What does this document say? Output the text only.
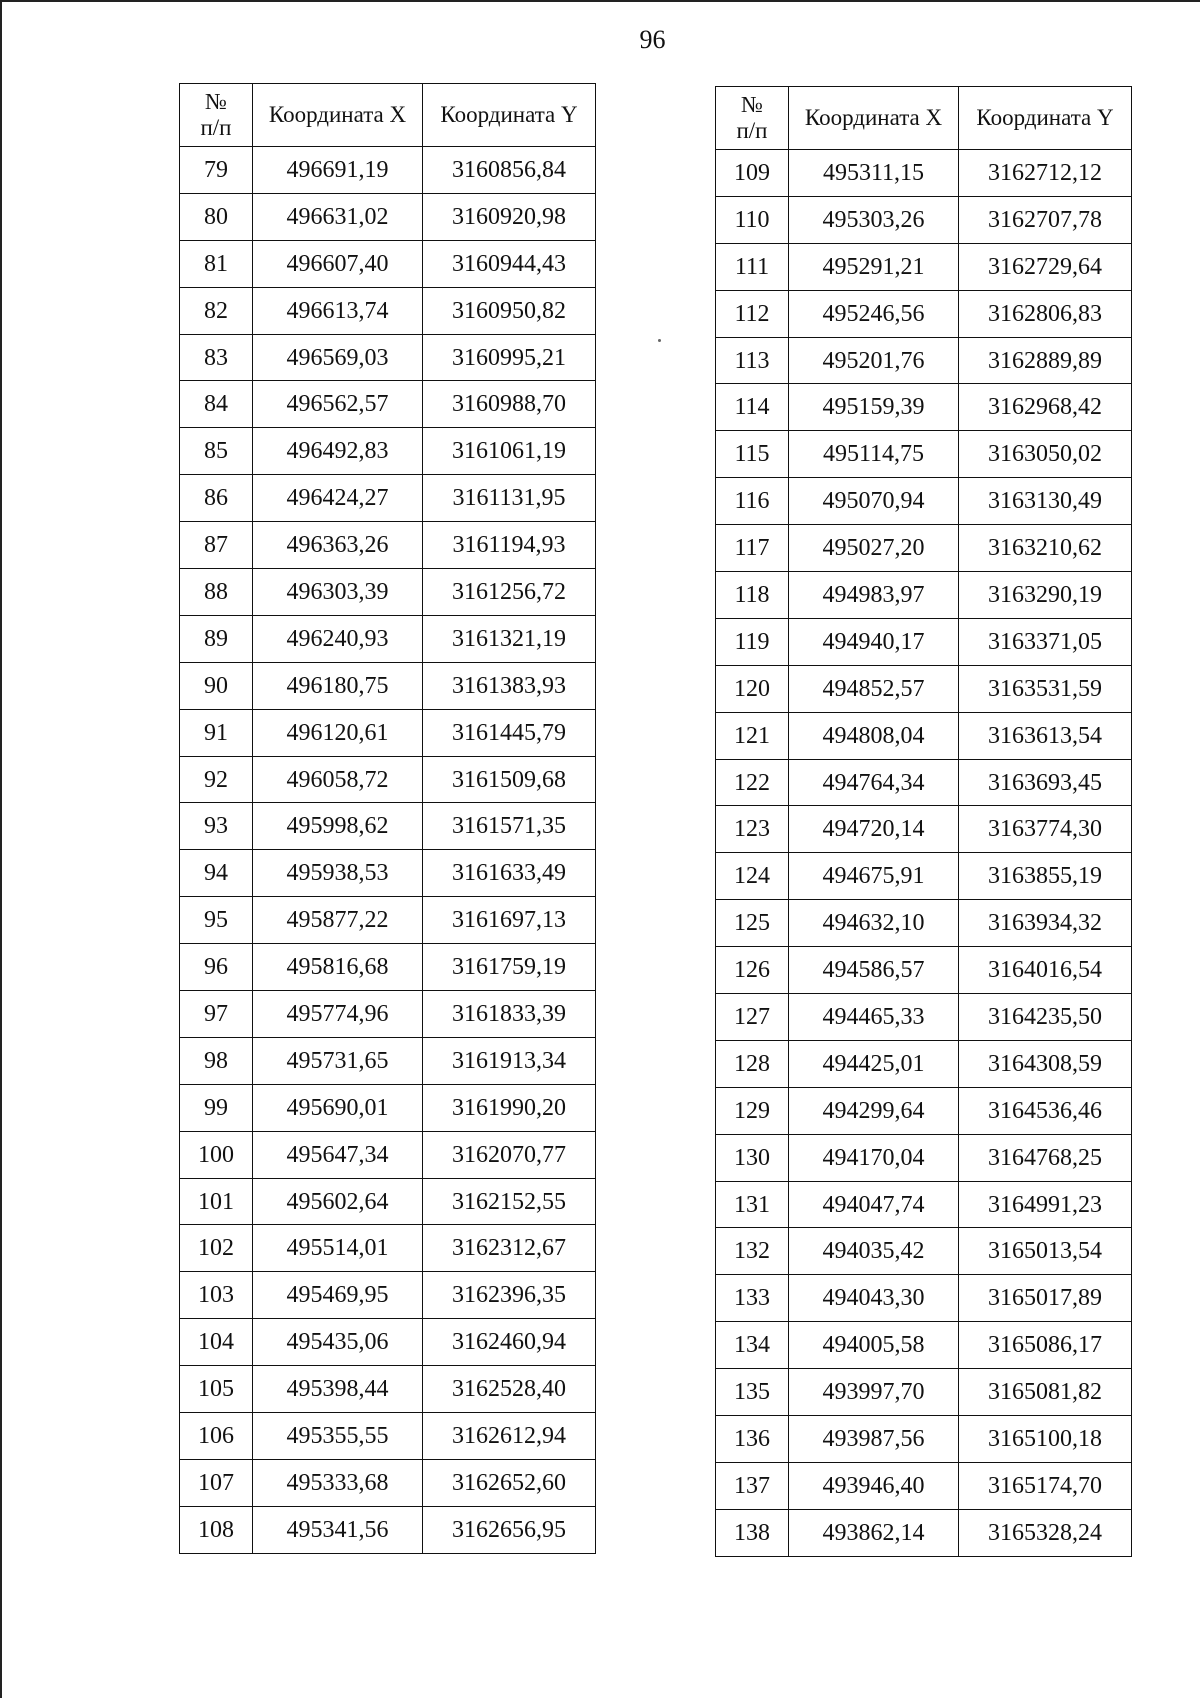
96
№
п/п	Координата X	Координата Y
79	496691,19	3160856,84
80	496631,02	3160920,98
81	496607,40	3160944,43
82	496613,74	3160950,82
83	496569,03	3160995,21
84	496562,57	3160988,70
85	496492,83	3161061,19
86	496424,27	3161131,95
87	496363,26	3161194,93
88	496303,39	3161256,72
89	496240,93	3161321,19
90	496180,75	3161383,93
91	496120,61	3161445,79
92	496058,72	3161509,68
93	495998,62	3161571,35
94	495938,53	3161633,49
95	495877,22	3161697,13
96	495816,68	3161759,19
97	495774,96	3161833,39
98	495731,65	3161913,34
99	495690,01	3161990,20
100	495647,34	3162070,77
101	495602,64	3162152,55
102	495514,01	3162312,67
103	495469,95	3162396,35
104	495435,06	3162460,94
105	495398,44	3162528,40
106	495355,55	3162612,94
107	495333,68	3162652,60
108	495341,56	3162656,95
№
п/п	Координата X	Координата Y
109	495311,15	3162712,12
110	495303,26	3162707,78
111	495291,21	3162729,64
112	495246,56	3162806,83
113	495201,76	3162889,89
114	495159,39	3162968,42
115	495114,75	3163050,02
116	495070,94	3163130,49
117	495027,20	3163210,62
118	494983,97	3163290,19
119	494940,17	3163371,05
120	494852,57	3163531,59
121	494808,04	3163613,54
122	494764,34	3163693,45
123	494720,14	3163774,30
124	494675,91	3163855,19
125	494632,10	3163934,32
126	494586,57	3164016,54
127	494465,33	3164235,50
128	494425,01	3164308,59
129	494299,64	3164536,46
130	494170,04	3164768,25
131	494047,74	3164991,23
132	494035,42	3165013,54
133	494043,30	3165017,89
134	494005,58	3165086,17
135	493997,70	3165081,82
136	493987,56	3165100,18
137	493946,40	3165174,70
138	493862,14	3165328,24
